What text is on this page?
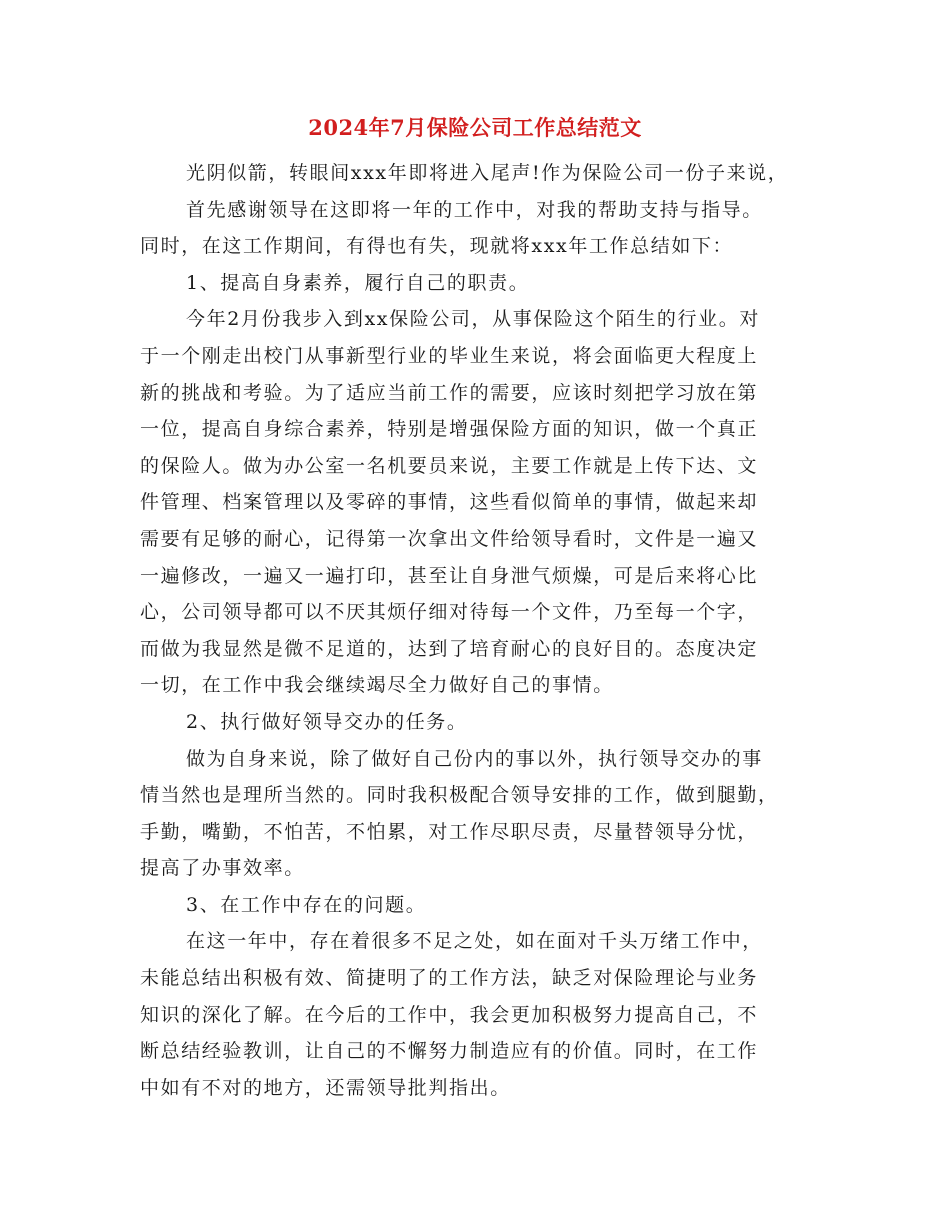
2024年7月保险公司工作总结范文
光阴似箭，转眼间xxx年即将进入尾声!作为保险公司一份子来说，
首先感谢领导在这即将一年的工作中，对我的帮助支持与指导。
同时，在这工作期间，有得也有失，现就将xxx年工作总结如下：
1、提高自身素养，履行自己的职责。
今年2月份我步入到xx保险公司，从事保险这个陌生的行业。对
于一个刚走出校门从事新型行业的毕业生来说，将会面临更大程度上
新的挑战和考验。为了适应当前工作的需要，应该时刻把学习放在第
一位，提高自身综合素养，特别是增强保险方面的知识，做一个真正
的保险人。做为办公室一名机要员来说，主要工作就是上传下达、文
件管理、档案管理以及零碎的事情，这些看似简单的事情，做起来却
需要有足够的耐心，记得第一次拿出文件给领导看时，文件是一遍又
一遍修改，一遍又一遍打印，甚至让自身泄气烦燥，可是后来将心比
心，公司领导都可以不厌其烦仔细对待每一个文件，乃至每一个字，
而做为我显然是微不足道的，达到了培育耐心的良好目的。态度决定
一切，在工作中我会继续竭尽全力做好自己的事情。
2、执行做好领导交办的任务。
做为自身来说，除了做好自己份内的事以外，执行领导交办的事
情当然也是理所当然的。同时我积极配合领导安排的工作，做到腿勤，
手勤，嘴勤，不怕苦，不怕累，对工作尽职尽责，尽量替领导分忧，
提高了办事效率。
3、在工作中存在的问题。
在这一年中，存在着很多不足之处，如在面对千头万绪工作中，
未能总结出积极有效、简捷明了的工作方法，缺乏对保险理论与业务
知识的深化了解。在今后的工作中，我会更加积极努力提高自己，不
断总结经验教训，让自己的不懈努力制造应有的价值。同时，在工作
中如有不对的地方，还需领导批判指出。
